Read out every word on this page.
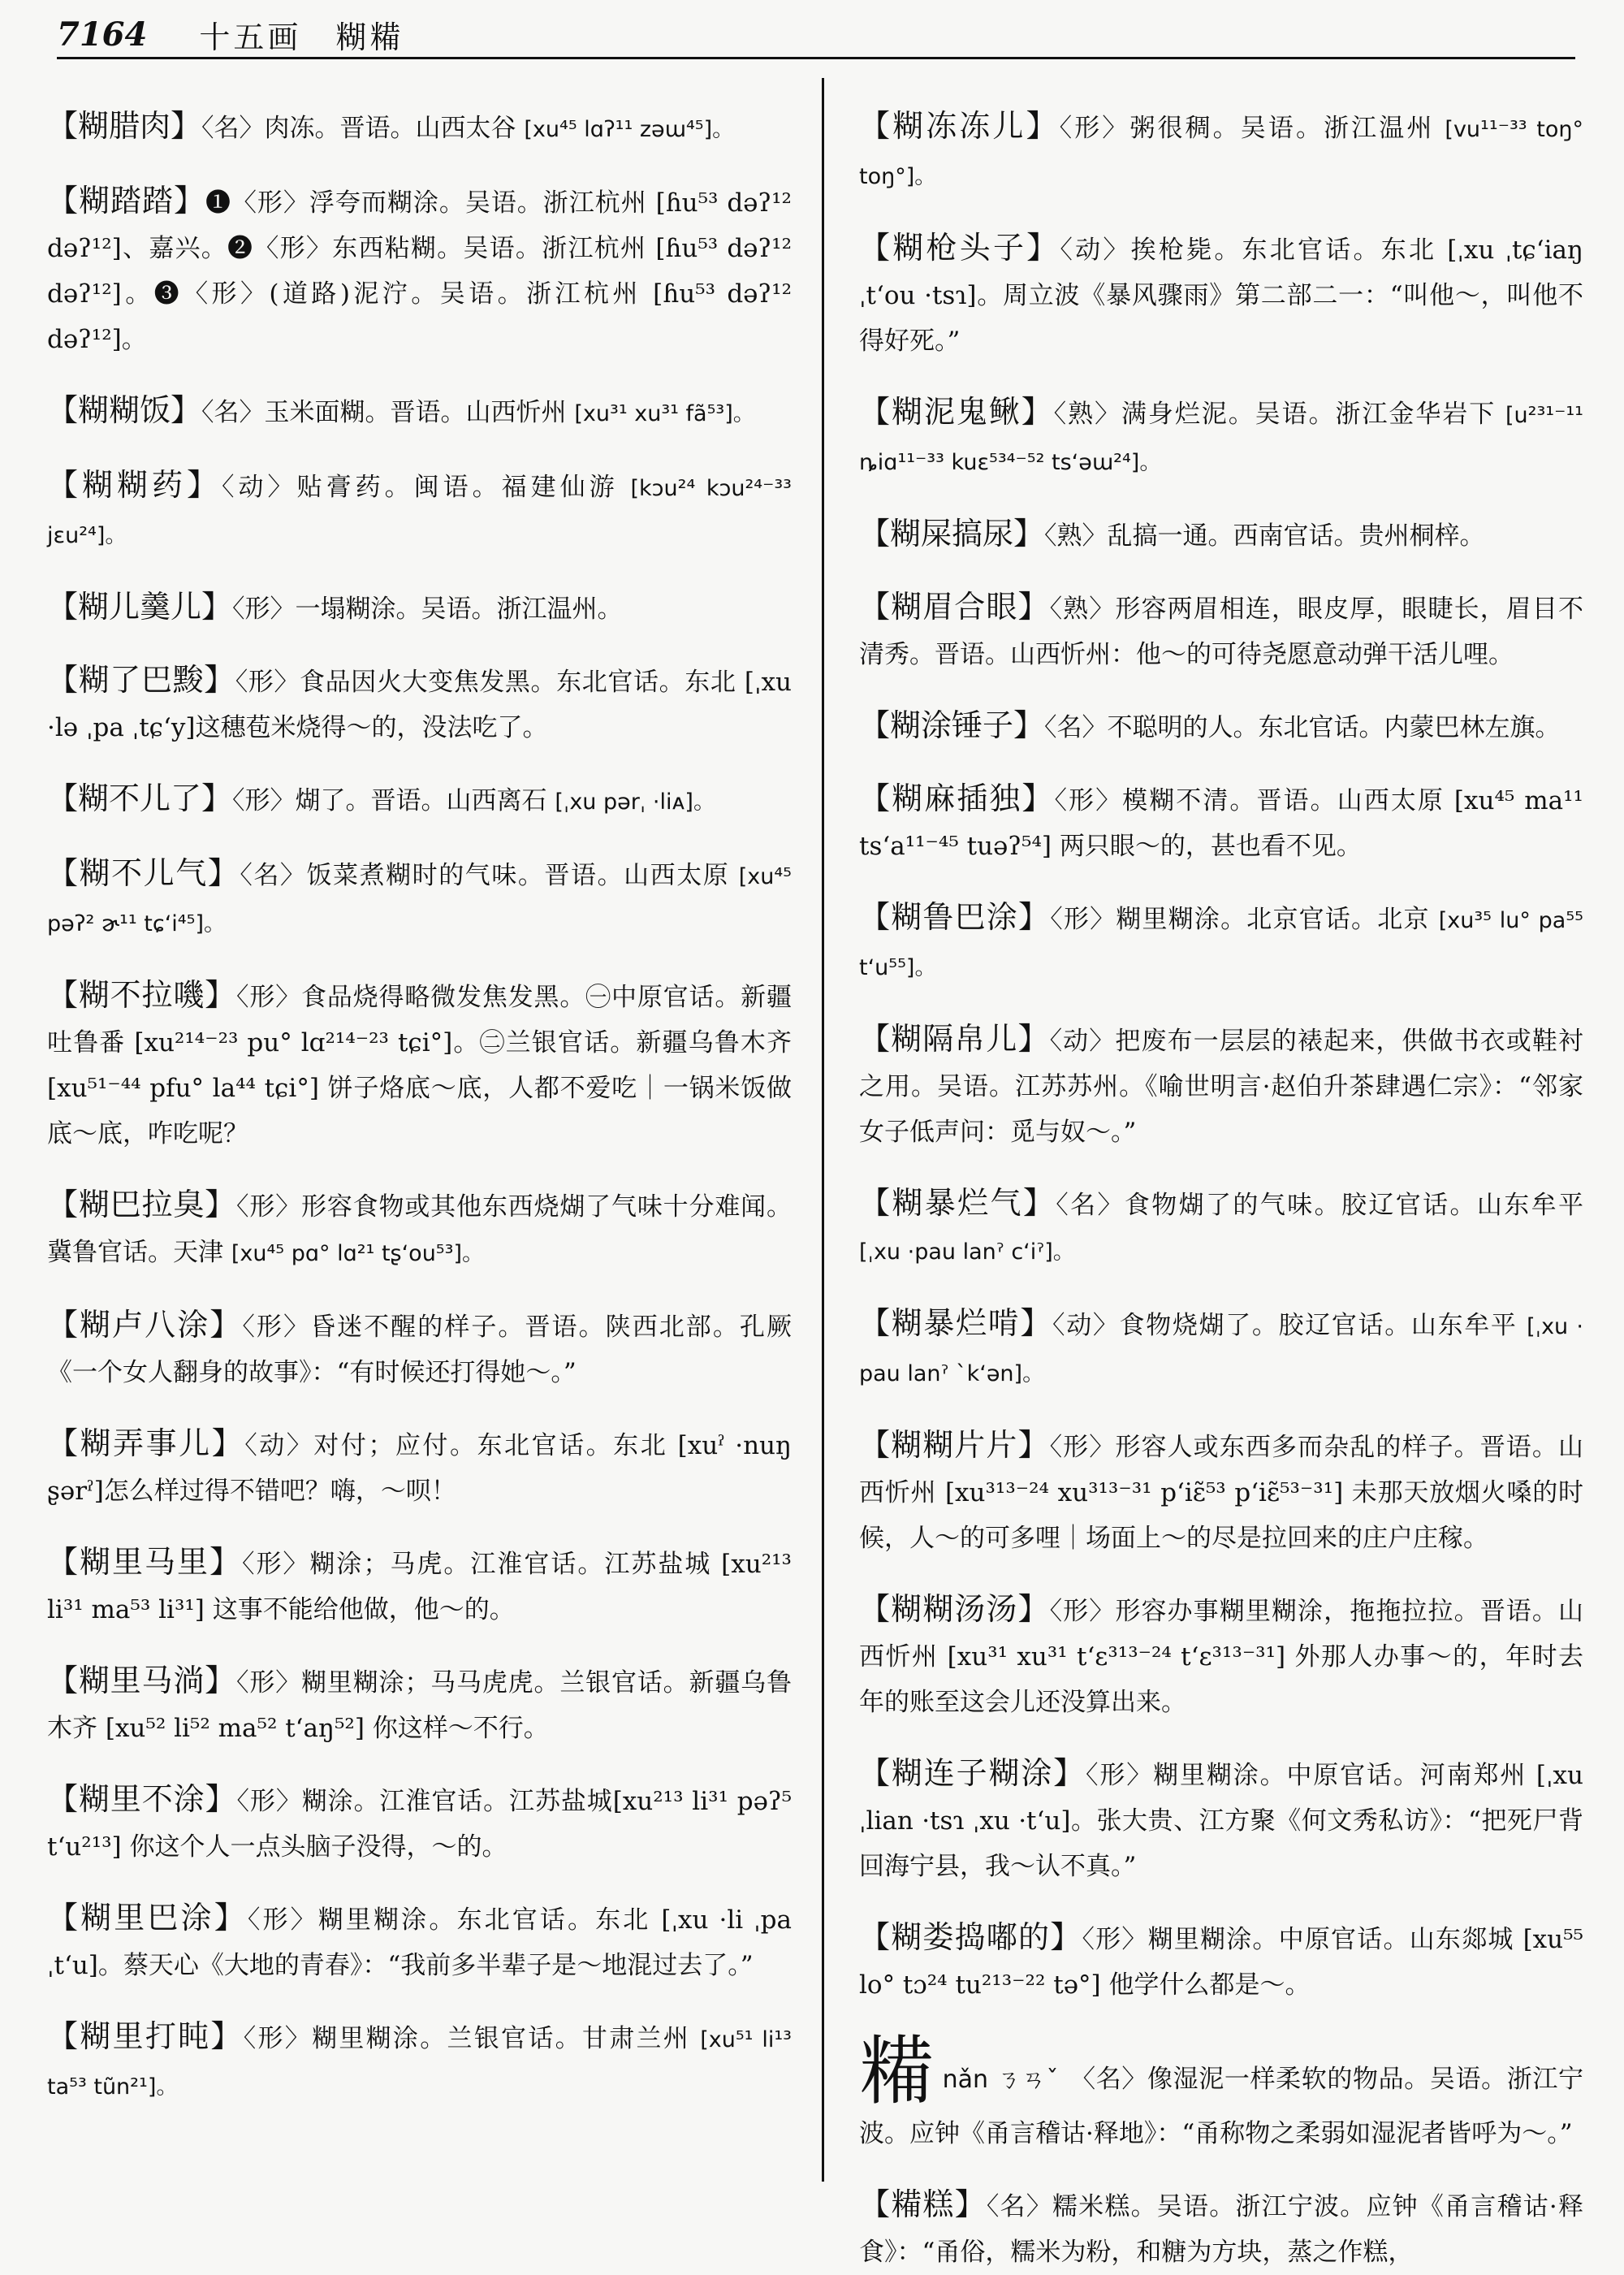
7164 十五画　糊糒

【糊腊肉】〈名〉肉冻。晋语。山西太谷 [xu⁴⁵ lɑʔ¹¹ zəɯ⁴⁵]。

【糊踏踏】❶〈形〉浮夸而糊涂。吴语。浙江杭州 [ɦu⁵³ dəʔ¹² dəʔ¹²]、嘉兴。❷〈形〉东西粘糊。吴语。浙江杭州 [ɦu⁵³ dəʔ¹² dəʔ¹²]。❸〈形〉(道路)泥泞。吴语。浙江杭州 [ɦu⁵³ dəʔ¹² dəʔ¹²]。

【糊糊饭】〈名〉玉米面糊。晋语。山西忻州 [xu³¹ xu³¹ fã⁵³]。

【糊糊药】〈动〉贴膏药。闽语。福建仙游 [kɔu²⁴ kɔu²⁴⁻³³ jɛu²⁴]。

【糊儿羹儿】〈形〉一塌糊涂。吴语。浙江温州。

【糊了巴黢】〈形〉食品因火大变焦发黑。东北官话。东北 [ˌxu ·lə ˌpa ˌtɕʻy]这穗苞米烧得～的，没法吃了。

【糊不儿了】〈形〉煳了。晋语。山西离石 [ˌxu pərˌ ·liᴀ]。

【糊不儿气】〈名〉饭菜煮糊时的气味。晋语。山西太原 [xu⁴⁵ pəʔ² ɚ¹¹ tɕʻi⁴⁵]。

【糊不拉嘰】〈形〉食品烧得略微发焦发黑。㊀中原官话。新疆吐鲁番 [xu²¹⁴⁻²³ pu° lɑ²¹⁴⁻²³ tɕi°]。㊁兰银官话。新疆乌鲁木齐[xu⁵¹⁻⁴⁴ pfu° la⁴⁴ tɕi°] 饼子烙底～底，人都不爱吃｜一锅米饭做底～底，咋吃呢？

【糊巴拉臭】〈形〉形容食物或其他东西烧煳了气味十分难闻。冀鲁官话。天津 [xu⁴⁵ pɑ° lɑ²¹ tʂʻou⁵³]。

【糊卢八涂】〈形〉昏迷不醒的样子。晋语。陕西北部。孔厥《一个女人翻身的故事》：“有时候还打得她～。”

【糊弄事儿】〈动〉对付；应付。东北官话。东北 [xuˀ ·nuŋ ʂərˀ]怎么样过得不错吧？嗨，～呗！

【糊里马里】〈形〉糊涂；马虎。江淮官话。江苏盐城 [xu²¹³ li³¹ ma⁵³ li³¹] 这事不能给他做，他～的。

【糊里马淌】〈形〉糊里糊涂；马马虎虎。兰银官话。新疆乌鲁木齐 [xu⁵² li⁵² ma⁵² tʻaŋ⁵²] 你这样～不行。

【糊里不涂】〈形〉糊涂。江淮官话。江苏盐城[xu²¹³ li³¹ pəʔ⁵ tʻu²¹³] 你这个人一点头脑子没得，～的。

【糊里巴涂】〈形〉糊里糊涂。东北官话。东北 [ˌxu ·li ˌpa ˌtʻu]。蔡天心《大地的青春》：“我前多半辈子是～地混过去了。”

【糊里打盹】〈形〉糊里糊涂。兰银官话。甘肃兰州 [xu⁵¹ li¹³ ta⁵³ tũn²¹]。

【糊冻冻儿】〈形〉粥很稠。吴语。浙江温州 [vu¹¹⁻³³ toŋ° toŋ°]。

【糊枪头子】〈动〉挨枪毙。东北官话。东北 [ˌxu ˌtɕʻiaŋ ˌtʻou ·tsɿ]。周立波《暴风骤雨》第二部二一：“叫他～，叫他不得好死。”

【糊泥鬼鳅】〈熟〉满身烂泥。吴语。浙江金华岩下 [u²³¹⁻¹¹ ȵiɑ¹¹⁻³³ kuɛ⁵³⁴⁻⁵² tsʻəɯ²⁴]。

【糊屎搞尿】〈熟〉乱搞一通。西南官话。贵州桐梓。

【糊眉合眼】〈熟〉形容两眉相连，眼皮厚，眼睫长，眉目不清秀。晋语。山西忻州：他～的可待尧愿意动弹干活儿哩。

【糊涂锤子】〈名〉不聪明的人。东北官话。内蒙巴林左旗。

【糊麻插独】〈形〉模糊不清。晋语。山西太原 [xu⁴⁵ ma¹¹ tsʻa¹¹⁻⁴⁵ tuəʔ⁵⁴] 两只眼～的，甚也看不见。

【糊鲁巴涂】〈形〉糊里糊涂。北京官话。北京 [xu³⁵ lu° pa⁵⁵ tʻu⁵⁵]。

【糊隔帛儿】〈动〉把废布一层层的裱起来，供做书衣或鞋衬之用。吴语。江苏苏州。《喻世明言·赵伯升茶肆遇仁宗》：“邻家女子低声问：觅与奴～。”

【糊暴烂气】〈名〉食物煳了的气味。胶辽官话。山东牟平 [ˌxu ·pau lanˀ cʻiˀ]。

【糊暴烂啃】〈动〉食物烧煳了。胶辽官话。山东牟平 [ˌxu · pau lanˀ ˋkʻən]。

【糊糊片片】〈形〉形容人或东西多而杂乱的样子。晋语。山西忻州 [xu³¹³⁻²⁴ xu³¹³⁻³¹ pʻiɛ̃⁵³ pʻiɛ̃⁵³⁻³¹] 未那天放烟火嗓的时候，人～的可多哩｜场面上～的尽是拉回来的庄户庄稼。

【糊糊汤汤】〈形〉形容办事糊里糊涂，拖拖拉拉。晋语。山西忻州 [xu³¹ xu³¹ tʻɛ³¹³⁻²⁴ tʻɛ³¹³⁻³¹] 外那人办事～的，年时去年的账至这会儿还没算出来。

【糊连子糊涂】〈形〉糊里糊涂。中原官话。河南郑州 [ˌxu ˌlian ·tsɿ ˌxu ·tʻu]。张大贵、江方聚《何文秀私访》：“把死尸背回海宁县，我～认不真。”

【糊娄捣嘟的】〈形〉糊里糊涂。中原官话。山东郯城 [xu⁵⁵ lo° tɔ²⁴ tu²¹³⁻²² tə°] 他学什么都是～。

糒nǎn ㄋㄢˇ 〈名〉像湿泥一样柔软的物品。吴语。浙江宁波。应钟《甬言稽诂·释地》：“甬称物之柔弱如湿泥者皆呼为～。”

【糒糕】〈名〉糯米糕。吴语。浙江宁波。应钟《甬言稽诂·释食》：“甬俗，糯米为粉，和糖为方块，蒸之作糕，
